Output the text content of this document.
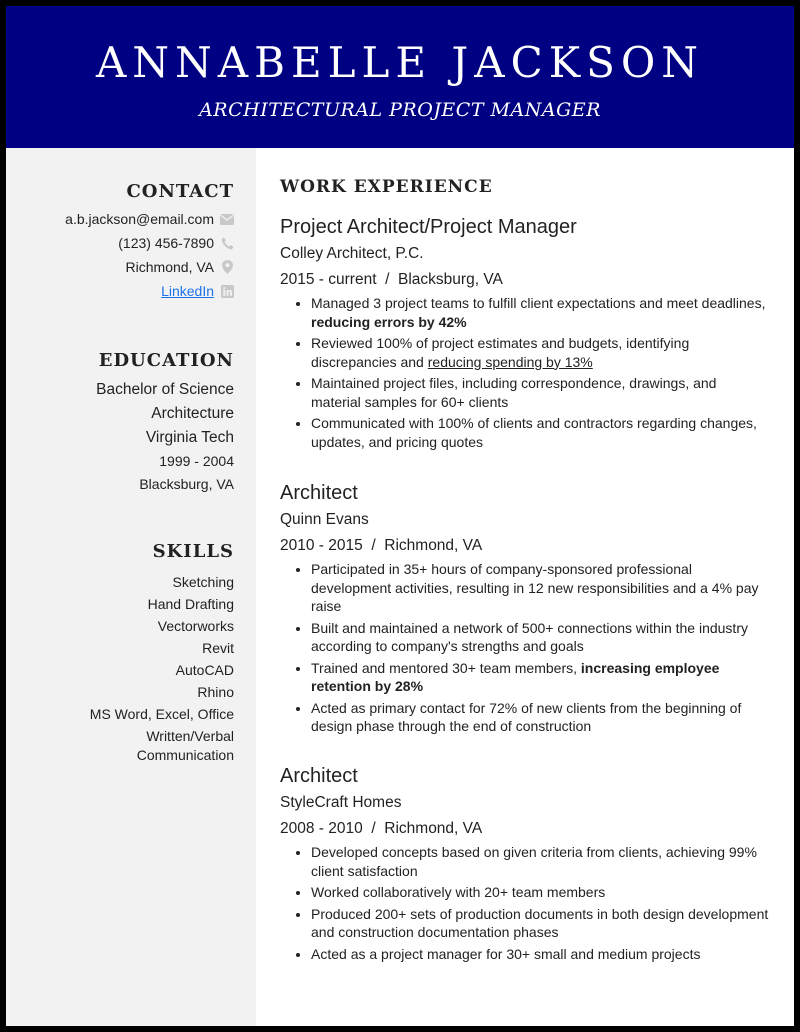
ANNABELLE JACKSON
ARCHITECTURAL PROJECT MANAGER
CONTACT
a.b.jackson@email.com
(123) 456-7890
Richmond, VA
LinkedIn
EDUCATION
Bachelor of Science
Architecture
Virginia Tech
1999 - 2004
Blacksburg, VA
SKILLS
Sketching
Hand Drafting
Vectorworks
Revit
AutoCAD
Rhino
MS Word, Excel, Office
Written/Verbal
Communication
WORK EXPERIENCE
Project Architect/Project Manager
Colley Architect, P.C.
2015 - current  /  Blacksburg, VA
• Managed 3 project teams to fulfill client expectations and meet deadlines, reducing errors by 42%
• Reviewed 100% of project estimates and budgets, identifying discrepancies and reducing spending by 13%
• Maintained project files, including correspondence, drawings, and material samples for 60+ clients
• Communicated with 100% of clients and contractors regarding changes, updates, and pricing quotes
Architect
Quinn Evans
2010 - 2015  /  Richmond, VA
• Participated in 35+ hours of company-sponsored professional development activities, resulting in 12 new responsibilities and a 4% pay raise
• Built and maintained a network of 500+ connections within the industry according to company's strengths and goals
• Trained and mentored 30+ team members, increasing employee retention by 28%
• Acted as primary contact for 72% of new clients from the beginning of design phase through the end of construction
Architect
StyleCraft Homes
2008 - 2010  /  Richmond, VA
• Developed concepts based on given criteria from clients, achieving 99% client satisfaction
• Worked collaboratively with 20+ team members
• Produced 200+ sets of production documents in both design development and construction documentation phases
• Acted as a project manager for 30+ small and medium projects
